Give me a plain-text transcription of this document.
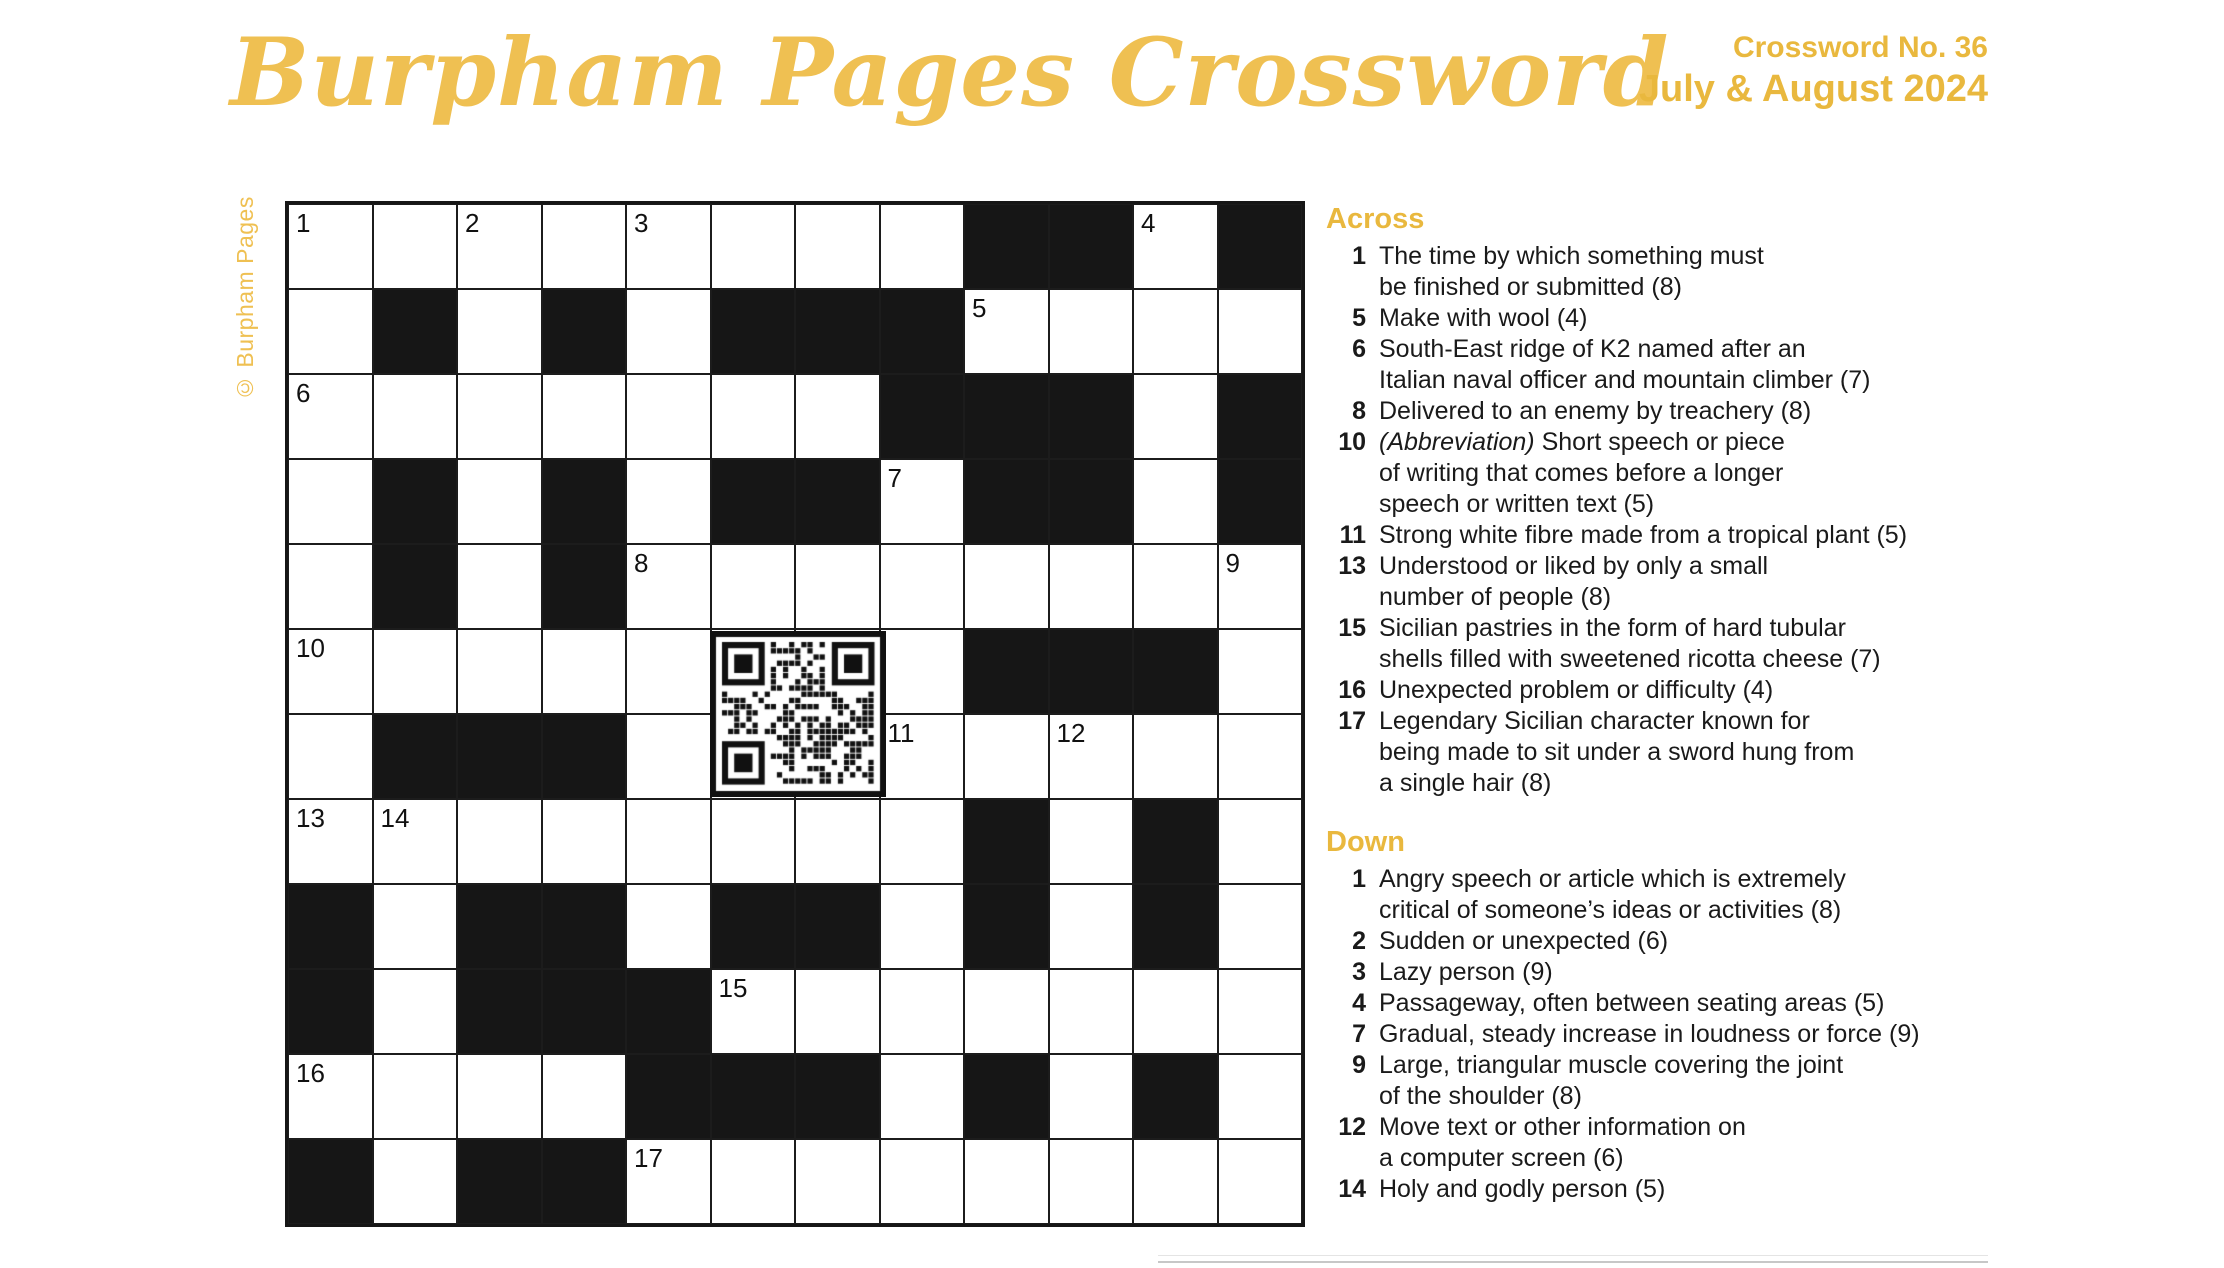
Burpham Pages Crossword	Crossword No. 36
July & August 2024
© Burpham Pages 1	2	3	4
5
6
7
8	9
10
11	12
13 14
15
16
17
Across
1 The time by which something must
be finished or submitted (8)
5 Make with wool (4)
6 South-East ridge of K2 named after an
Italian naval officer and mountain climber (7)
8 Delivered to an enemy by treachery (8)
10 (Abbreviation) Short speech or piece
of writing that comes before a longer
speech or written text (5)
11 Strong white fibre made from a tropical plant (5)
13 Understood or liked by only a small
number of people (8)
15 Sicilian pastries in the form of hard tubular
shells filled with sweetened ricotta cheese (7)
16 Unexpected problem or difficulty (4)
17 Legendary Sicilian character known for
being made to sit under a sword hung from
a single hair (8)
Down
1 Angry speech or article which is extremely
critical of someone’s ideas or activities (8)
2 Sudden or unexpected (6)
3 Lazy person (9)
4 Passageway, often between seating areas (5)
7 Gradual, steady increase in loudness or force (9)
9 Large, triangular muscle covering the joint
of the shoulder (8)
12 Move text or other information on
a computer screen (6)
14 Holy and godly person (5)
